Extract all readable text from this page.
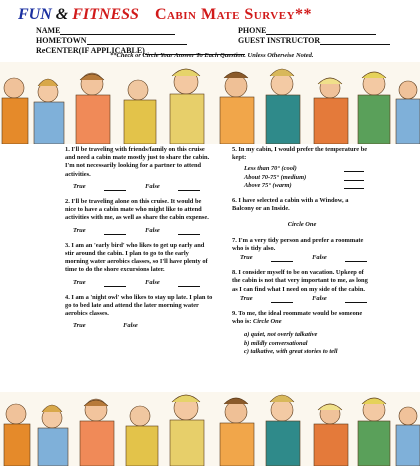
FUN & FITNESS Cabin Mate Survey**
NAME	PHONE
HOMETOWN	GUEST INSTRUCTOR
ReCENTER(IF APPLICABLE)
**Check or Circle Your Answer To Each Question. Unless Otherwise Noted.
1. I'll be traveling with friends/family on this cruise and need a cabin mate mostly just to share the cabin. I'm not necessarily looking for a partner to attend activities.
True	False
2. I'll be traveling alone on this cruise. It would be nice to have a cabin mate who might like to attend activities with me, as well as share the cabin expense.
True	False
3. I am an 'early bird' who likes to get up early and stir around the cabin. I plan to go to the early morning water aerobics classes, so I'll have plenty of time to do the shore excursions later.
True	False
4. I am a 'night owl' who likes to stay up late. I plan to go to bed late and attend the later morning water aerobics classes.
True	False
5. In my cabin, I would prefer the temperature be kept:
Less than 70° (cool)
About 70-75° (medium)
Above 75° (warm)
6. I have selected a cabin with a Window, a Balcony or an Inside.
Circle One
7. I'm a very tidy person and prefer a roommate who is tidy also.
True	False
8. I consider myself to be on vacation. Upkeep of the cabin is not that very important to me, as long as I can find what I need on my side of the cabin.
True	False
9. To me, the ideal roommate would be someone who is: Circle One
a) quiet, not overly talkative
b) mildly conversational
c) talkative, with great stories to tell
